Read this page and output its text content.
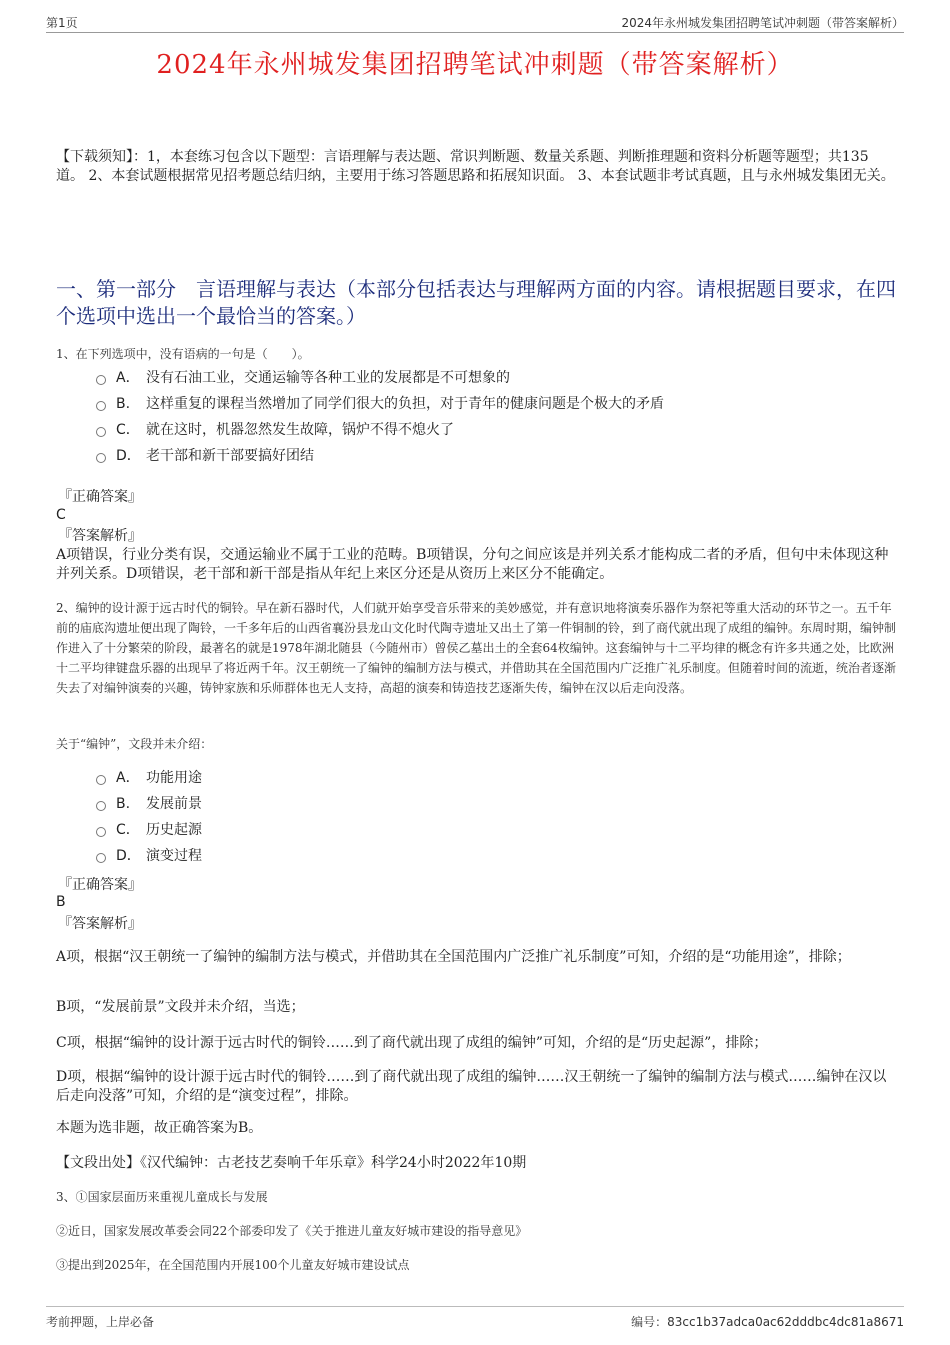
第1页	2024年永州城发集团招聘笔试冲刺题（带答案解析）
2024年永州城发集团招聘笔试冲刺题（带答案解析）
【下载须知】：1，本套练习包含以下题型：言语理解与表达题、常识判断题、数量关系题、判断推理题和资料分析题等题型；共135道。 2、本套试题根据常见招考题总结归纳，主要用于练习答题思路和拓展知识面。 3、本套试题非考试真题，且与永州城发集团无关。
一、第一部分　言语理解与表达（本部分包括表达与理解两方面的内容。请根据题目要求，在四个选项中选出一个最恰当的答案。）
1、在下列选项中，没有语病的一句是（　　）。
A． 没有石油工业，交通运输等各种工业的发展都是不可想象的
B.	这样重复的课程当然增加了同学们很大的负担，对于青年的健康问题是个极大的矛盾
C． 就在这时，机器忽然发生故障，锅炉不得不熄火了
D． 老干部和新干部要搞好团结
『正确答案』
C
『答案解析』
A项错误，行业分类有误，交通运输业不属于工业的范畴。B项错误，分句之间应该是并列关系才能构成二者的矛盾，但句中未体现这种并列关系。D项错误，老干部和新干部是指从年纪上来区分还是从资历上来区分不能确定。
2、编钟的设计源于远古时代的铜铃。早在新石器时代，人们就开始享受音乐带来的美妙感觉，并有意识地将演奏乐器作为祭祀等重大活动的环节之一。五千年前的庙底沟遗址便出现了陶铃，一千多年后的山西省襄汾县龙山文化时代陶寺遗址又出土了第一件铜制的铃，到了商代就出现了成组的编钟。东周时期，编钟制作进入了十分繁荣的阶段，最著名的就是1978年湖北随县（今随州市）曾侯乙墓出土的全套64枚编钟。这套编钟与十二平均律的概念有许多共通之处，比欧洲十二平均律键盘乐器的出现早了将近两千年。汉王朝统一了编钟的编制方法与模式，并借助其在全国范围内广泛推广礼乐制度。但随着时间的流逝，统治者逐渐失去了对编钟演奏的兴趣，铸钟家族和乐师群体也无人支持，高超的演奏和铸造技艺逐渐失传，编钟在汉以后走向没落。
关于“编钟”，文段并未介绍：
A． 功能用途
B.	发展前景
C． 历史起源
D． 演变过程
『正确答案』
B
『答案解析』
A项，根据“汉王朝统一了编钟的编制方法与模式，并借助其在全国范围内广泛推广礼乐制度”可知，介绍的是“功能用途”，排除；
B项，“发展前景”文段并未介绍，当选；
C项，根据“编钟的设计源于远古时代的铜铃……到了商代就出现了成组的编钟”可知，介绍的是“历史起源”，排除；
D项，根据“编钟的设计源于远古时代的铜铃……到了商代就出现了成组的编钟……汉王朝统一了编钟的编制方法与模式……编钟在汉以后走向没落”可知，介绍的是“演变过程”，排除。
本题为选非题，故正确答案为B。
【文段出处】《汉代编钟：古老技艺奏响千年乐章》科学24小时2022年10期
3、①国家层面历来重视儿童成长与发展
②近日，国家发展改革委会同22个部委印发了《关于推进儿童友好城市建设的指导意见》
③提出到2025年，在全国范围内开展100个儿童友好城市建设试点
考前押题，上岸必备	编号：83cc1b37adca0ac62dddbc4dc81a8671
